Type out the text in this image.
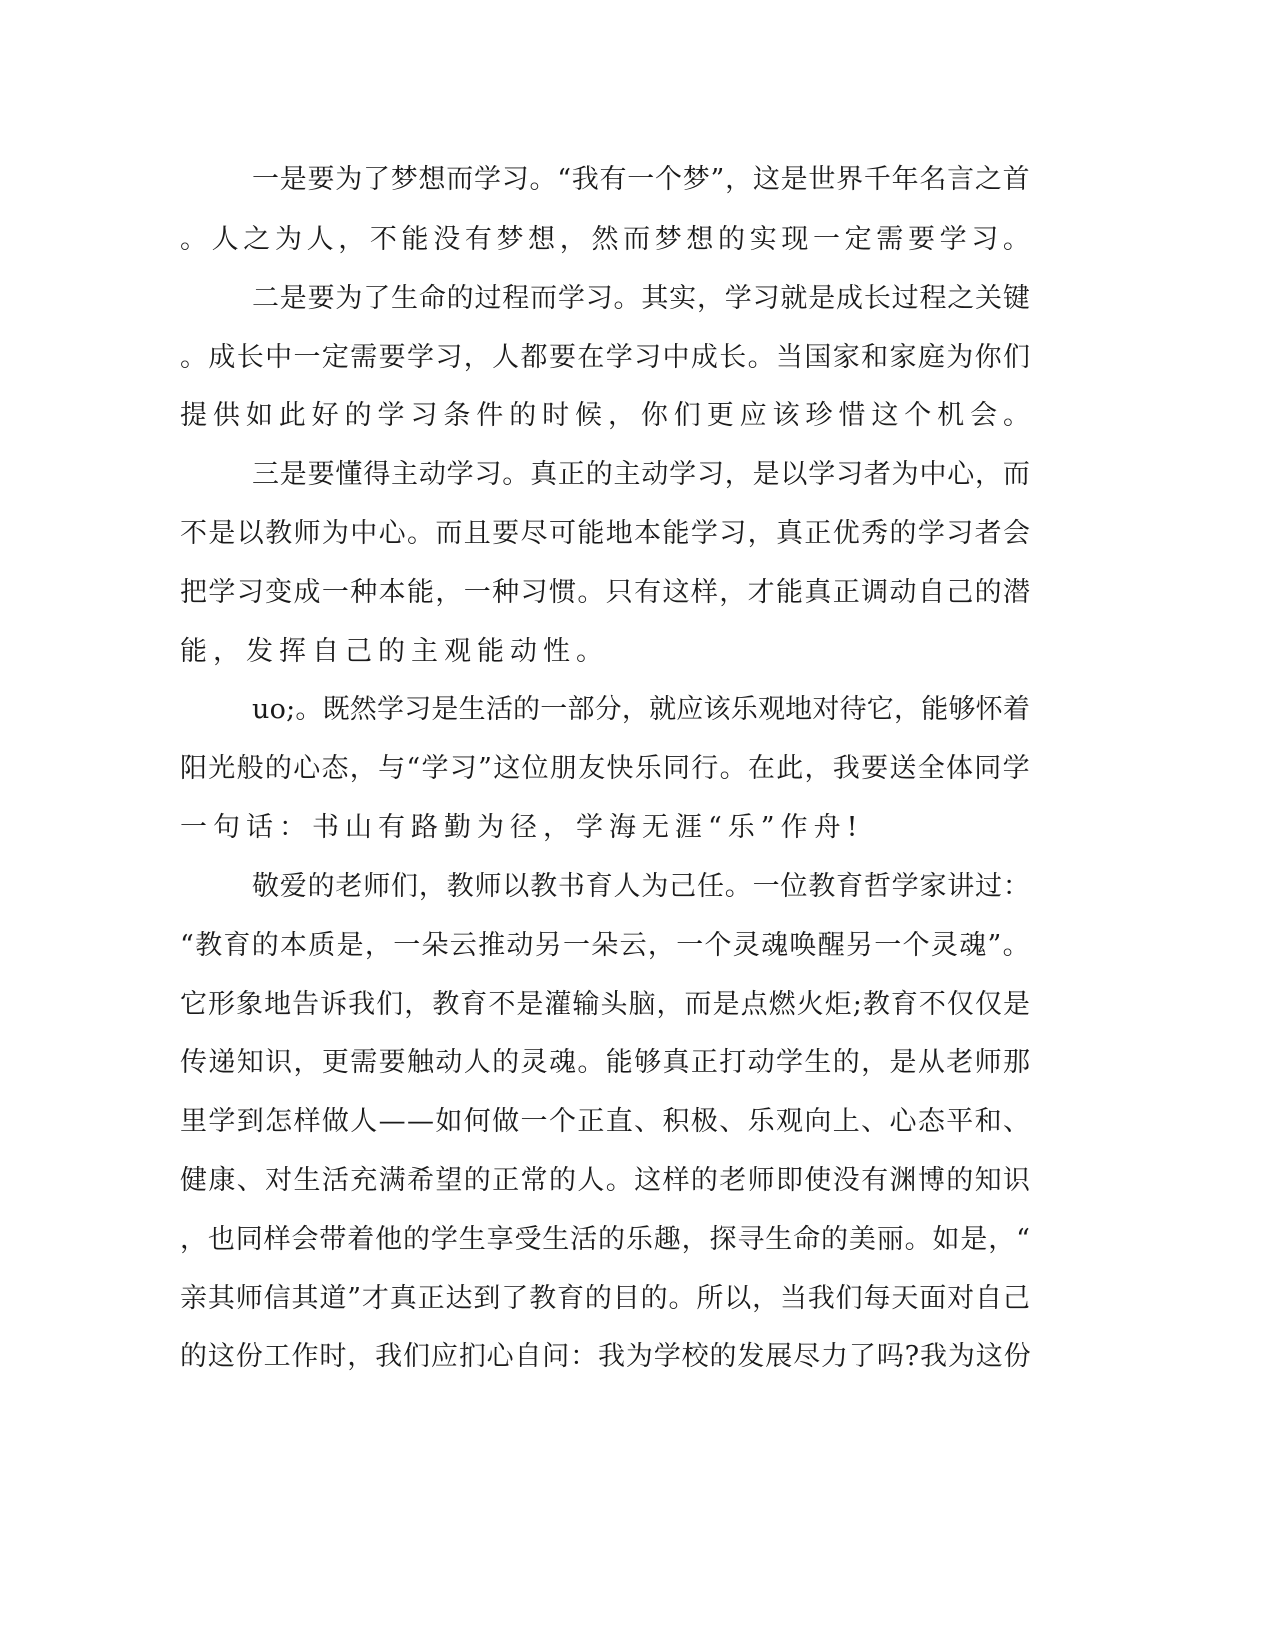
一是要为了梦想而学习。“我有一个梦”，这是世界千年名言之首

。人之为人，不能没有梦想，然而梦想的实现一定需要学习。

二是要为了生命的过程而学习。其实，学习就是成长过程之关键

。成长中一定需要学习，人都要在学习中成长。当国家和家庭为你们

提供如此好的学习条件的时候，你们更应该珍惜这个机会。

三是要懂得主动学习。真正的主动学习，是以学习者为中心，而

不是以教师为中心。而且要尽可能地本能学习，真正优秀的学习者会

把学习变成一种本能，一种习惯。只有这样，才能真正调动自己的潜

能，发挥自己的主观能动性。

uo;。既然学习是生活的一部分，就应该乐观地对待它，能够怀着

阳光般的心态，与“学习”这位朋友快乐同行。在此，我要送全体同学

一句话：书山有路勤为径，学海无涯“乐”作舟!

敬爱的老师们，教师以教书育人为己任。一位教育哲学家讲过：

“教育的本质是，一朵云推动另一朵云，一个灵魂唤醒另一个灵魂”。

它形象地告诉我们，教育不是灌输头脑，而是点燃火炬;教育不仅仅是

传递知识，更需要触动人的灵魂。能够真正打动学生的，是从老师那

里学到怎样做人——如何做一个正直、积极、乐观向上、心态平和、

健康、对生活充满希望的正常的人。这样的老师即使没有渊博的知识

，也同样会带着他的学生享受生活的乐趣，探寻生命的美丽。如是，“

亲其师信其道”才真正达到了教育的目的。所以，当我们每天面对自己

的这份工作时，我们应扪心自问：我为学校的发展尽力了吗?我为这份
